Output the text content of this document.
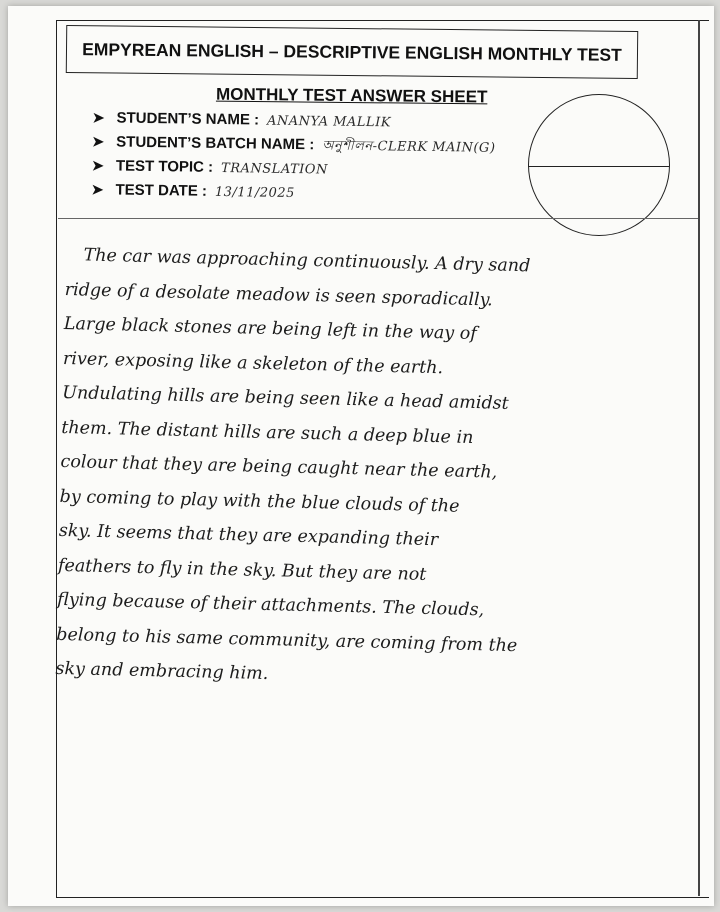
EMPYREAN ENGLISH – DESCRIPTIVE ENGLISH MONTHLY TEST
MONTHLY TEST ANSWER SHEET
➤ STUDENT’S NAME : ANANYA MALLIK
➤ STUDENT’S BATCH NAME : অনুশীলন-CLERK MAIN(G)
➤ TEST TOPIC : TRANSLATION
➤ TEST DATE : 13/11/2025
The car was approaching continuously. A dry sand
ridge of a desolate meadow is seen sporadically.
Large black stones are being left in the way of
river, exposing like a skeleton of the earth.
Undulating hills are being seen like a head amidst
them. The distant hills are such a deep blue in
colour that they are being caught near the earth,
by coming to play with the blue clouds of the
sky. It seems that they are expanding their
feathers to fly in the sky. But they are not
flying because of their attachments. The clouds,
belong to his same community, are coming from the
sky and embracing him.
